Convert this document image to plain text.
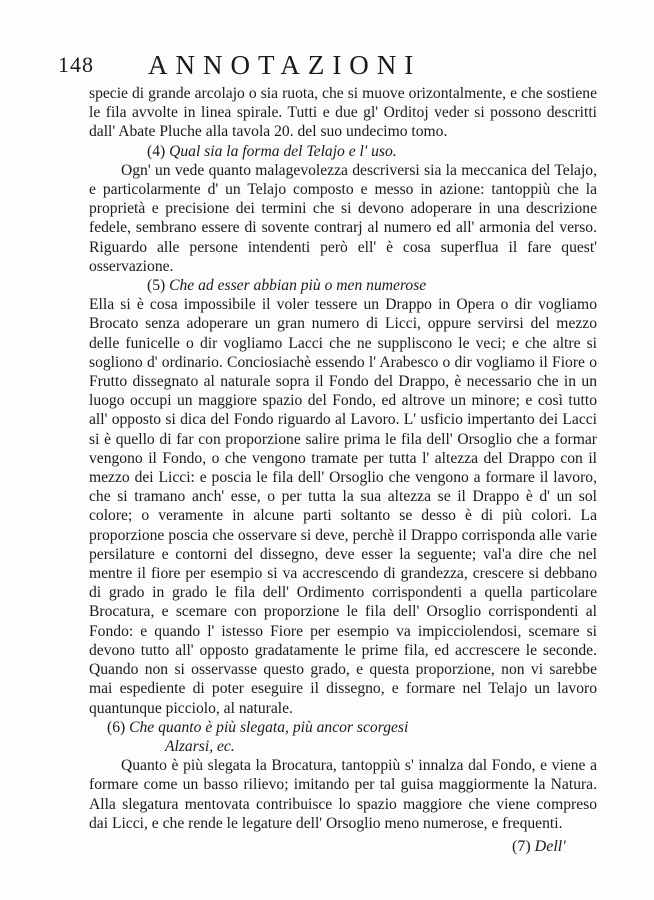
148 ANNOTAZIONI

specie di grande arcolajo o sia ruota, che si muove orizontalmente, e che sostiene le fila avvolte in linea spirale. Tutti e due gl' Orditoj veder si possono descritti dall' Abate Pluche alla tavola 20. del suo undecimo tomo.

(4) Qual sia la forma del Telajo e l' uso.

Ogn' un vede quanto malagevolezza descriversi sia la meccanica del Telajo, e particolarmente d' un Telajo composto e messo in azione: tantoppiù che la proprietà e precisione dei termini che si devono adoperare in una descrizione fedele, sembrano essere di sovente contrarj al numero ed all' armonia del verso. Riguardo alle persone intendenti però ell' è cosa superflua il fare quest' osservazione.

(5) Che ad esser abbian più o men numerose

Ella si è cosa impossibile il voler tessere un Drappo in Opera o dir vogliamo Brocato senza adoperare un gran numero di Licci, oppure servirsi del mezzo delle funicelle o dir vogliamo Lacci che ne suppliscono le veci; e che altre si sogliono d' ordinario. Conciosiachè essendo l' Arabesco o dir vogliamo il Fiore o Frutto dissegnato al naturale sopra il Fondo del Drappo, è necessario che in un luogo occupi un maggiore spazio del Fondo, ed altrove un minore; e così tutto all' opposto si dica del Fondo riguardo al Lavoro. L' usficio impertanto dei Lacci si è quello di far con proporzione salire prima le fila dell' Orsoglio che a formar vengono il Fondo, o che vengono tramate per tutta l' altezza del Drappo con il mezzo dei Licci: e poscia le fila dell' Orsoglio che vengono a formare il lavoro, che si tramano anch' esse, o per tutta la sua altezza se il Drappo è d' un sol colore; o veramente in alcune parti soltanto se desso è di più colori. La proporzione poscia che osservare si deve, perchè il Drappo corrisponda alle varie persilature e contorni del dissegno, deve esser la seguente; val'a dire che nel mentre il fiore per esempio si va accrescendo di grandezza, crescere si debbano di grado in grado le fila dell' Ordimento corrispondenti a quella particolare Brocatura, e scemare con proporzione le fila dell' Orsoglio corrispondenti al Fondo: e quando l' istesso Fiore per esempio va impicciolendosi, scemare si devono tutto all' opposto gradatamente le prime fila, ed accrescere le seconde. Quando non si osservasse questo grado, e questa proporzione, non vi sarebbe mai espediente di poter eseguire il dissegno, e formare nel Telajo un lavoro quantunque picciolo, al naturale.

(6) Che quanto è più slegata, più ancor scorgesi
Alzarsi, ec.

Quanto è più slegata la Brocatura, tantoppiù s' innalza dal Fondo, e viene a formare come un basso rilievo; imitando per tal guisa maggiormente la Natura. Alla slegatura mentovata contribuisce lo spazio maggiore che viene compreso dai Licci, e che rende le legature dell' Orsoglio meno numerose, e frequenti.

(7) Dell'
